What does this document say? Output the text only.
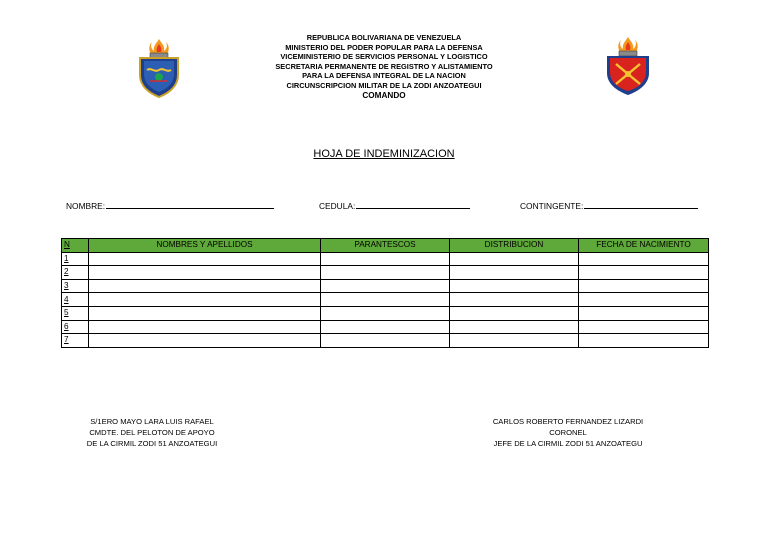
REPUBLICA BOLIVARIANA DE VENEZUELA
MINISTERIO DEL PODER POPULAR PARA LA DEFENSA
VICEMINISTERIO DE SERVICIOS PERSONAL Y LOGISTICO
SECRETARIA PERMANENTE DE REGISTRO Y ALISTAMIENTO
PARA LA DEFENSA INTEGRAL DE LA NACION
CIRCUNSCRIPCION MILITAR DE LA ZODI ANZOATEGUI
COMANDO
HOJA DE INDEMINIZACION
NOMBRE:	CEDULA:	CONTINGENTE:
N	NOMBRES Y APELLIDOS	PARANTESCOS	DISTRIBUCION	FECHA DE NACIMIENTO
1				
2				
3				
4				
5				
6				
7				
S/1ERO MAYO LARA LUIS RAFAEL
CMDTE. DEL PELOTON DE APOYO
DE LA CIRMIL ZODI 51 ANZOATEGUI
CARLOS ROBERTO FERNANDEZ LIZARDI
CORONEL
JEFE DE LA CIRMIL ZODI 51 ANZOATEGU
